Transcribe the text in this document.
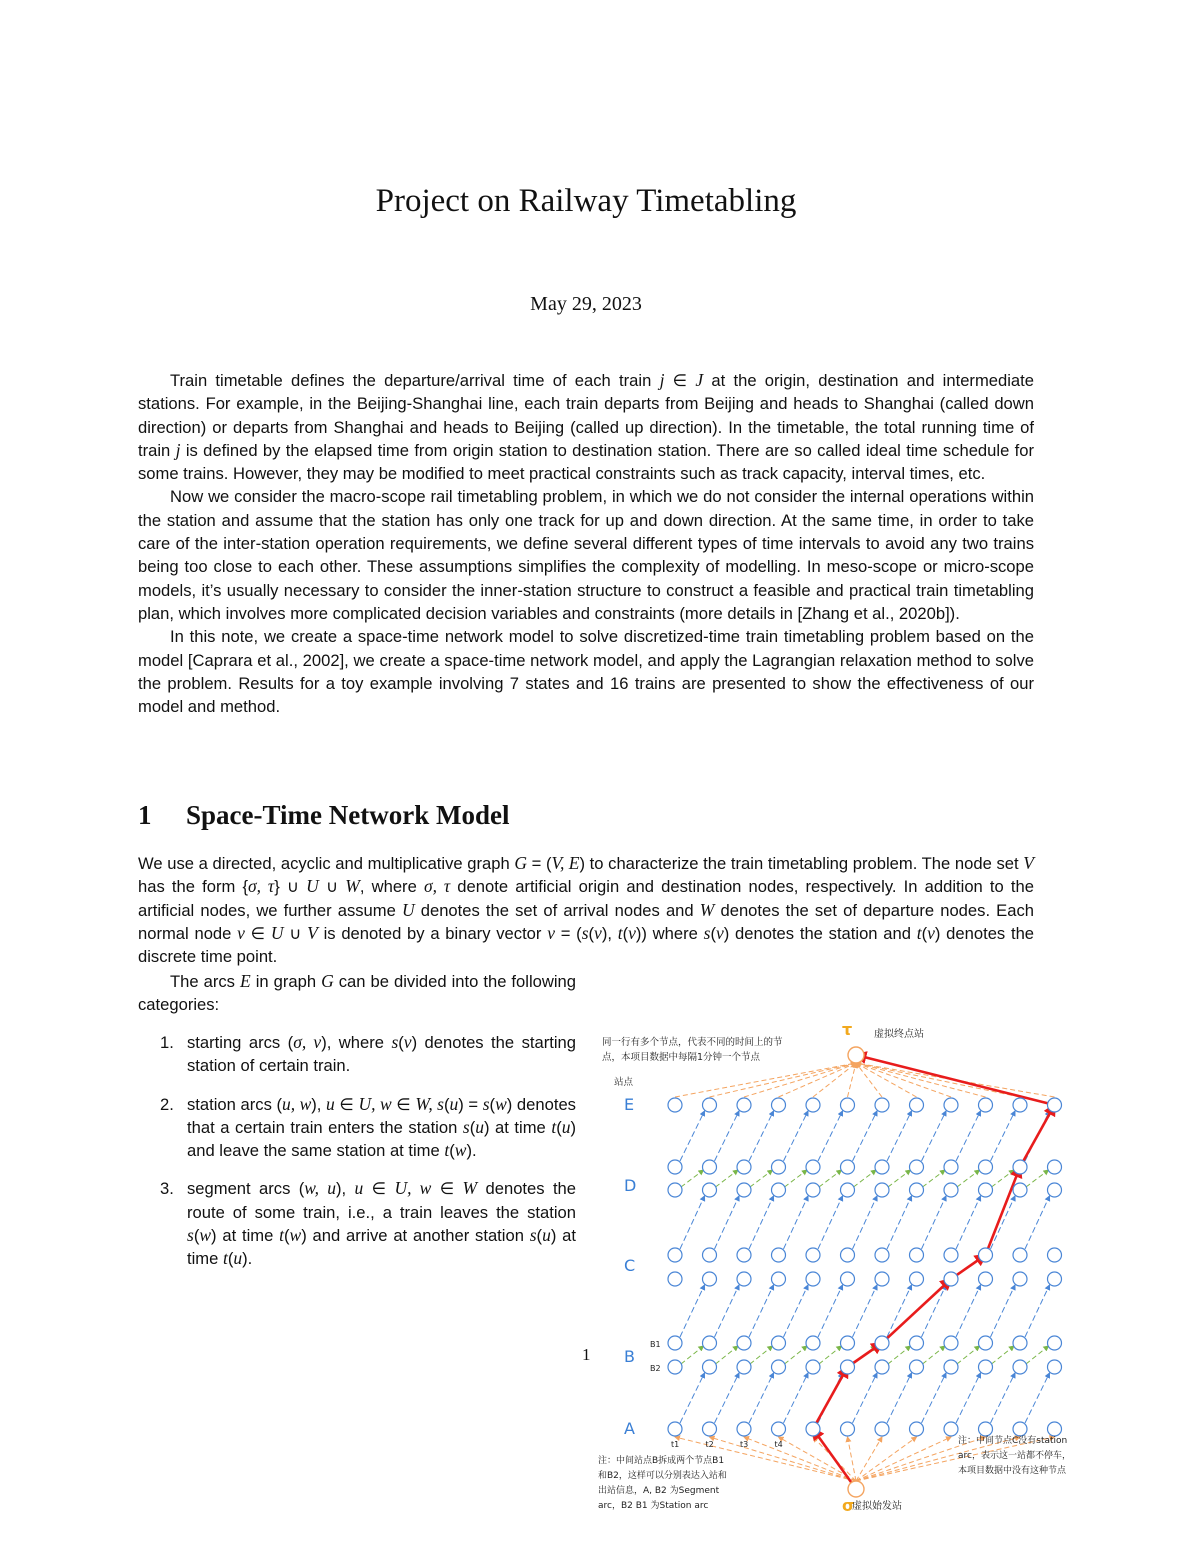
Project on Railway Timetabling
May 29, 2023

Train timetable defines the departure/arrival time of each train j ∈ J at the origin, destination and intermediate stations. For example, in the Beijing-Shanghai line, each train departs from Beijing and heads to Shanghai (called down direction) or departs from Shanghai and heads to Beijing (called up direction). In the timetable, the total running time of train j is defined by the elapsed time from origin station to destination station. There are so called ideal time schedule for some trains. However, they may be modified to meet practical constraints such as track capacity, interval times, etc.

Now we consider the macro-scope rail timetabling problem, in which we do not consider the internal operations within the station and assume that the station has only one track for up and down direction. At the same time, in order to take care of the inter-station operation requirements, we define several different types of time intervals to avoid any two trains being too close to each other. These assumptions simplifies the complexity of modelling. In meso-scope or micro-scope models, it’s usually necessary to consider the inner-station structure to construct a feasible and practical train timetabling plan, which involves more complicated decision variables and constraints (more details in [Zhang et al., 2020b]).

In this note, we create a space-time network model to solve discretized-time train timetabling problem based on the model [Caprara et al., 2002], we create a space-time network model, and apply the Lagrangian relaxation method to solve the problem. Results for a toy example involving 7 states and 16 trains are presented to show the effectiveness of our model and method.

1 Space-Time Network Model

We use a directed, acyclic and multiplicative graph G = (V, E) to characterize the train timetabling problem. The node set V has the form {σ, τ} ∪ U ∪ W, where σ, τ denote artificial origin and destination nodes, respectively. In addition to the artificial nodes, we further assume U denotes the set of arrival nodes and W denotes the set of departure nodes. Each normal node v ∈ U ∪ V is denoted by a binary vector v = (s(v), t(v)) where s(v) denotes the station and t(v) denotes the discrete time point.

The arcs E in graph G can be divided into the following categories:

1. starting arcs (σ, v), where s(v) denotes the starting station of certain train.
2. station arcs (u, w), u ∈ U, w ∈ W, s(u) = s(w) denotes that a certain train enters the station s(u) at time t(u) and leave the same station at time t(w).
3. segment arcs (w, u), u ∈ U, w ∈ W denotes the route of some train, i.e., a train leaves the station s(w) at time t(w) and arrive at another station s(u) at time t(u).
1
τ 虚拟终点站
σ
虚拟始发站
同一行有多个节点，代表不同的时间上的节
点，本项目数据中每隔1分钟一个节点
站点
E
D
C
B
A
B1
B2
t1	t2	t3	t4
注：中间站点B拆成两个节点B1
和B2，这样可以分别表达入站和
出站信息，A, B2 为Segment
arc，B2 B1 为Station arc
注：中间节点C没有station
arc，表示这一站都不停车，
本项目数据中没有这种节点
